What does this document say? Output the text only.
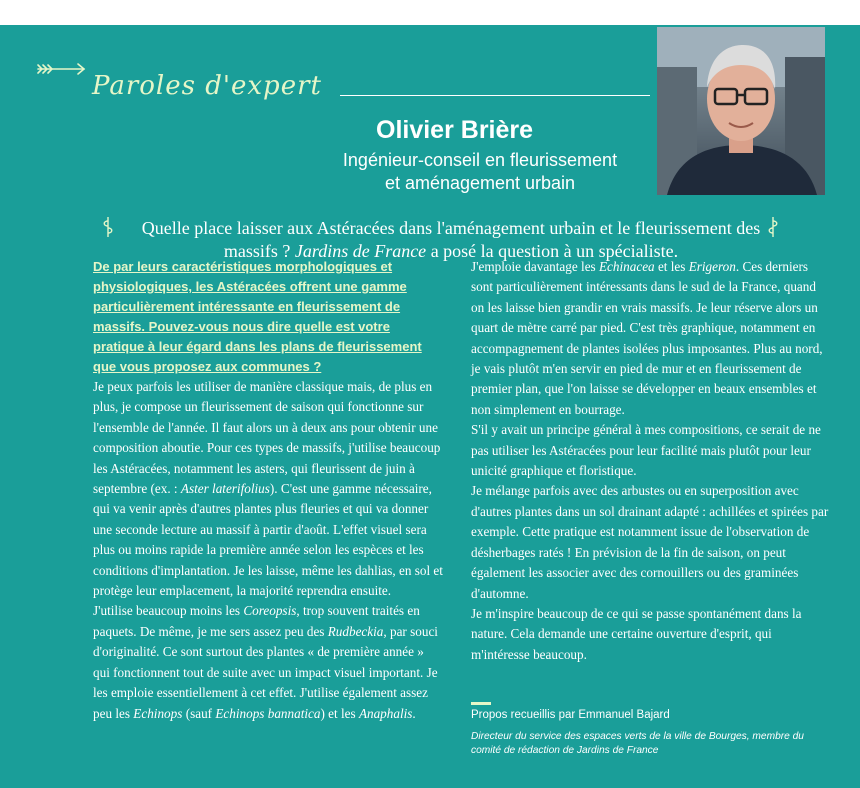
Paroles d'expert
Olivier Brière
Ingénieur-conseil en fleurissement
et aménagement urbain
Quelle place laisser aux Astéracées dans l'aménagement urbain et le fleurissement des massifs ? Jardins de France a posé la question à un spécialiste.

De par leurs caractéristiques morphologiques et physiologiques, les Astéracées offrent une gamme particulièrement intéressante en fleurissement de massifs. Pouvez-vous nous dire quelle est votre pratique à leur égard dans les plans de fleurissement que vous proposez aux communes ?

Je peux parfois les utiliser de manière classique mais, de plus en plus, je compose un fleurissement de saison qui fonctionne sur l'ensemble de l'année. Il faut alors un à deux ans pour obtenir une composition aboutie. Pour ces types de massifs, j'utilise beaucoup les Astéracées, notamment les asters, qui fleurissent de juin à septembre (ex. : Aster laterifolius). C'est une gamme nécessaire, qui va venir après d'autres plantes plus fleuries et qui va donner une seconde lecture au massif à partir d'août. L'effet visuel sera plus ou moins rapide la première année selon les espèces et les conditions d'implantation. Je les laisse, même les dahlias, en sol et protège leur emplacement, la majorité reprendra ensuite.

J'utilise beaucoup moins les Coreopsis, trop souvent traités en paquets. De même, je me sers assez peu des Rudbeckia, par souci d'originalité. Ce sont surtout des plantes « de première année » qui fonctionnent tout de suite avec un impact visuel important. Je les emploie essentiellement à cet effet. J'utilise également assez peu les Echinops (sauf Echinops bannatica) et les Anaphalis.

J'emploie davantage les Echinacea et les Erigeron. Ces derniers sont particulièrement intéressants dans le sud de la France, quand on les laisse bien grandir en vrais massifs. Je leur réserve alors un quart de mètre carré par pied. C'est très graphique, notamment en accompagnement de plantes isolées plus imposantes. Plus au nord, je vais plutôt m'en servir en pied de mur et en fleurissement de premier plan, que l'on laisse se développer en beaux ensembles et non simplement en bourrage.

S'il y avait un principe général à mes compositions, ce serait de ne pas utiliser les Astéracées pour leur facilité mais plutôt pour leur unicité graphique et floristique.

Je mélange parfois avec des arbustes ou en superposition avec d'autres plantes dans un sol drainant adapté : achillées et spirées par exemple. Cette pratique est notamment issue de l'observation de désherbages ratés ! En prévision de la fin de saison, on peut également les associer avec des cornouillers ou des graminées d'automne.

Je m'inspire beaucoup de ce qui se passe spontanément dans la nature. Cela demande une certaine ouverture d'esprit, qui m'intéresse beaucoup.

Propos recueillis par Emmanuel Bajard
Directeur du service des espaces verts de la ville de Bourges, membre du comité de rédaction de Jardins de France
